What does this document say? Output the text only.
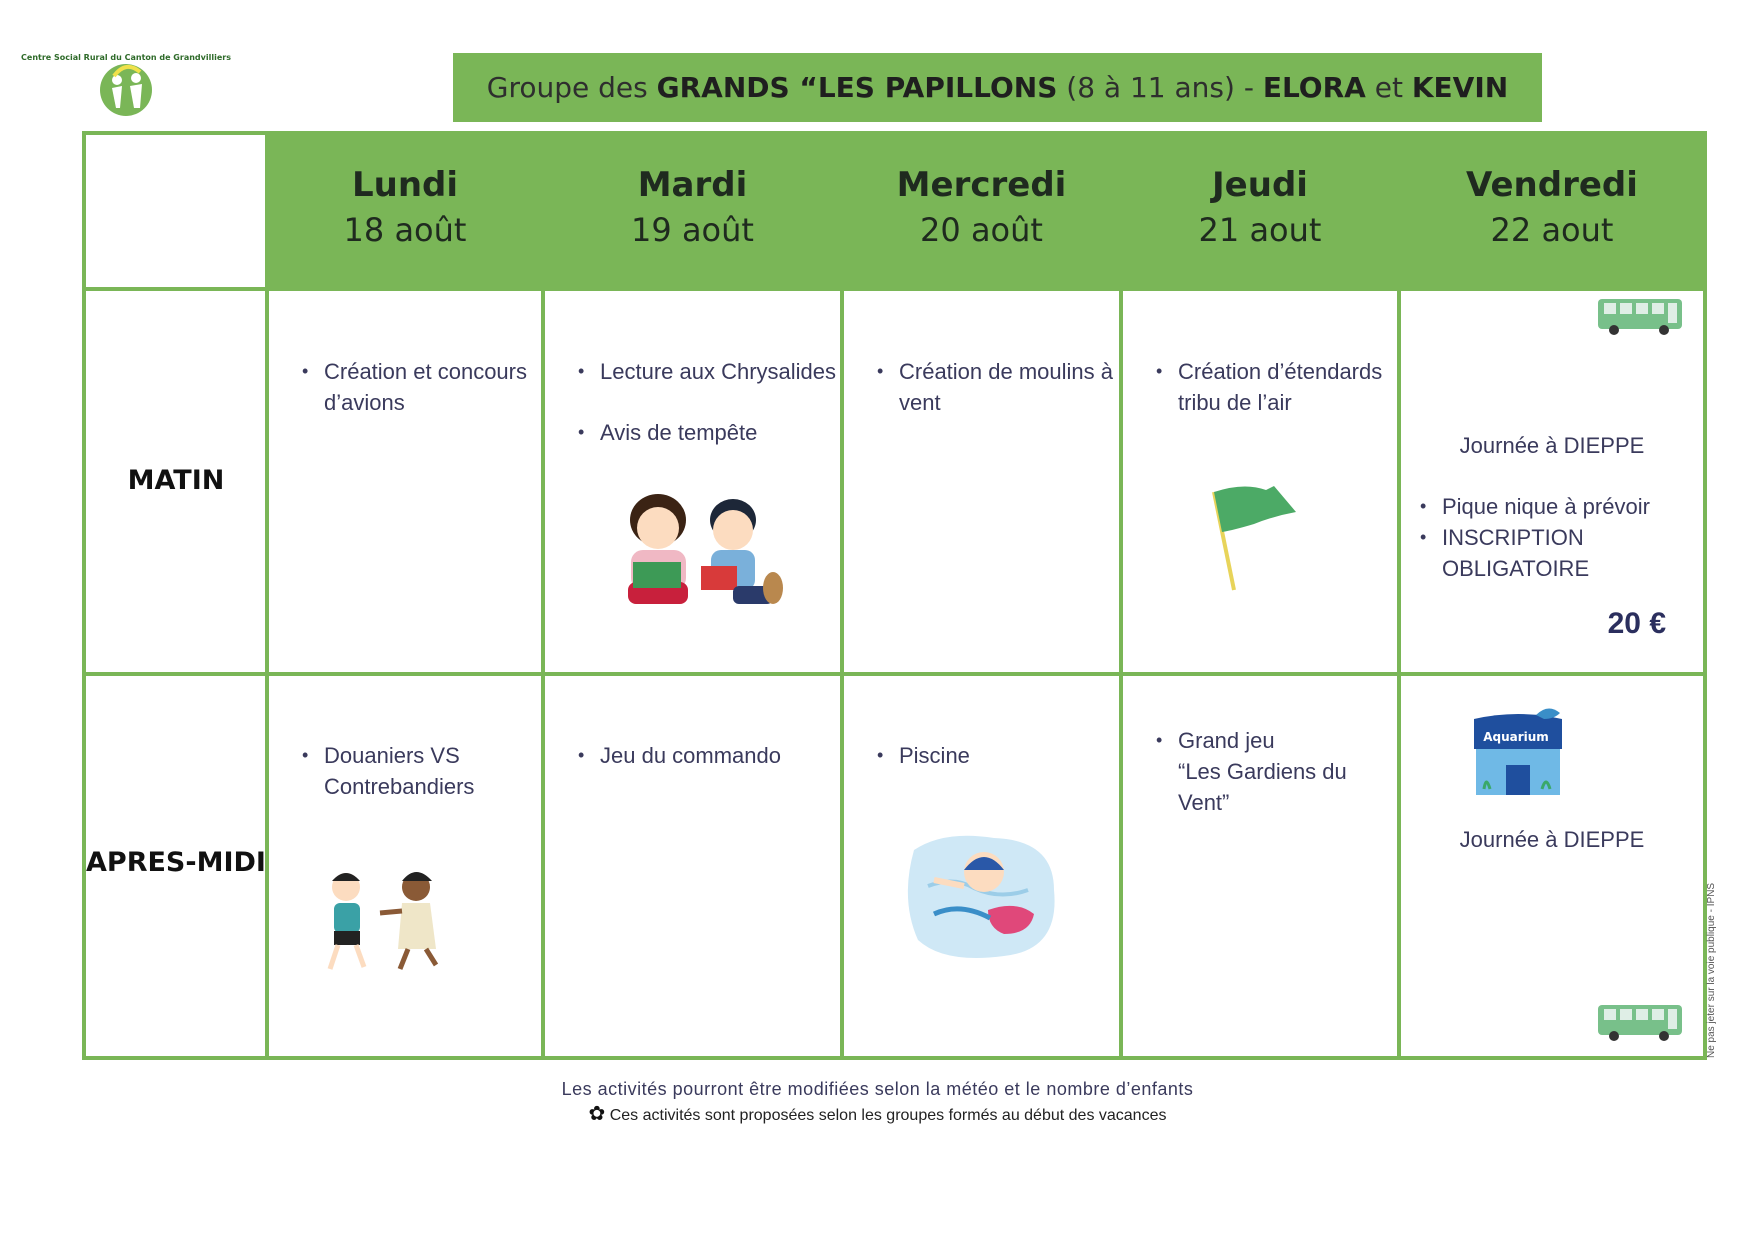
Centre Social Rural du Canton de Grandvilliers
Groupe des GRANDS “LES PAPILLONS (8 à 11 ans) - ELORA et KEVIN
Lundi
18 août
Mardi
19 août
Mercredi
20 août
Jeudi
21 aout
Vendredi
22 aout
MATIN
APRES-MIDI
• Création et concours
d’avions
• Lecture aux Chrysalides
• Avis de tempête
• Création de moulins à
vent
• Création d’étendards
tribu de l’air
Journée à DIEPPE
• Pique nique à prévoir
• INSCRIPTION
OBLIGATOIRE
20 €
• Douaniers VS
Contrebandiers
• Jeu du commando
•	Piscine
• Grand jeu
“Les Gardiens du
Vent”
Aquarium
Journée à DIEPPE
Les activités pourront être modifiées selon la météo et le nombre d’enfants
✿ Ces activités sont proposées selon les groupes formés au début des vacances
Ne pas jeter sur la voie publique - IPNS
